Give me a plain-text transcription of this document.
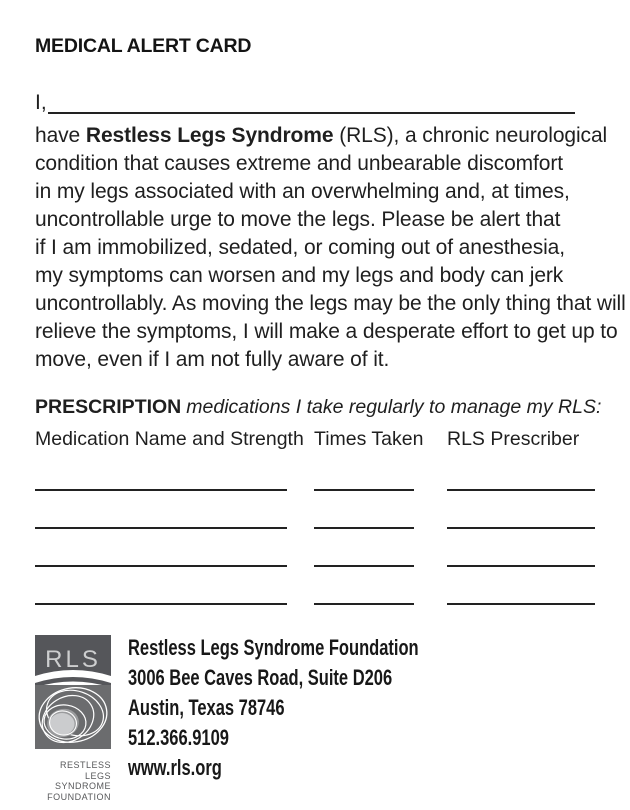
MEDICAL ALERT CARD
I,
have Restless Legs Syndrome (RLS), a chronic neurological
condition that causes extreme and unbearable discomfort
in my legs associated with an overwhelming and, at times,
uncontrollable urge to move the legs. Please be alert that
if I am immobilized, sedated, or coming out of anesthesia,
my symptoms can worsen and my legs and body can jerk
uncontrollably. As moving the legs may be the only thing that will
relieve the symptoms, I will make a desperate effort to get up to
move, even if I am not fully aware of it.
PRESCRIPTION medications I take regularly to manage my RLS:
Medication Name and Strength Times Taken RLS Prescriber
RLS
RESTLESS LEGS
SYNDROME
FOUNDATION
Restless Legs Syndrome Foundation
3006 Bee Caves Road, Suite D206
Austin, Texas 78746
512.366.9109
www.rls.org
